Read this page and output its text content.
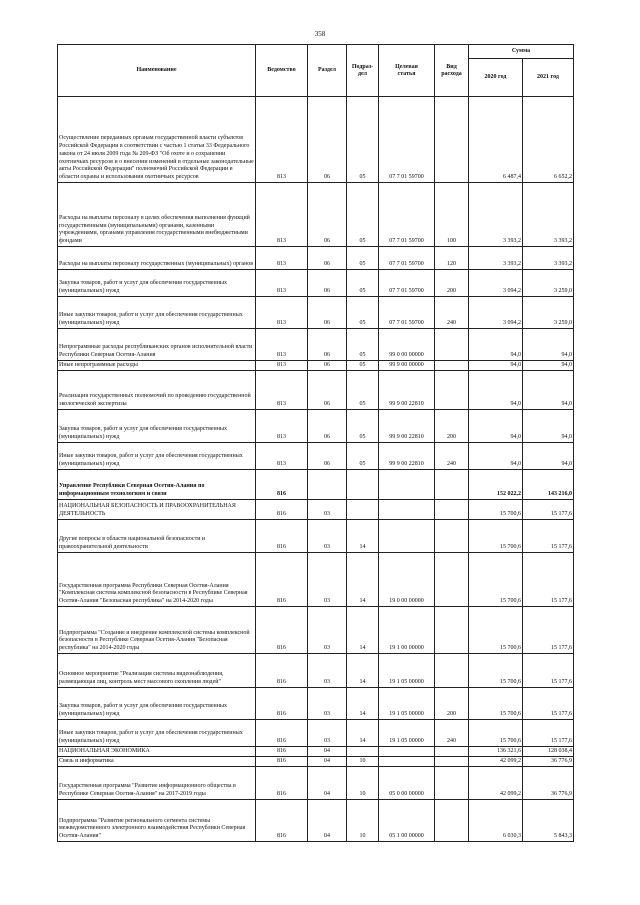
358
Наименование	Ведомство	Раздел	Подраз-
дел	Целевая
статья	Вид
расхода	Сумма	
						2020 год	2021 год
Осуществление переданных органам государственной власти субъектов Российской Федерации в соответствии с частью 1 статьи 33 Федерального закона от 24 июля 2009 года № 209-ФЗ "Об охоте и о сохранении охотничьих ресурсов и о внесении изменений в отдельные законодательные акты Российской Федерации" полномочий Российской Федерации в области охраны и использования охотничьих ресурсов	813	06	05	07 7 01 59700		6 487,4	6 652,2
Расходы на выплаты персоналу в целях обеспечения выполнения функций государственными (муниципальными) органами, казенными учреждениями, органами управления государственными внебюджетными фондами	813	06	05	07 7 01 59700	100	3 393,2	3 393,2
Расходы на выплаты персоналу государственных (муниципальных) органов	813	06	05	07 7 01 59700	120	3 393,2	3 393,2
Закупка товаров, работ и услуг для обеспечения государственных (муниципальных) нужд	813	06	05	07 7 01 59700	200	3 094,2	3 259,0
Иные закупки товаров, работ и услуг для обеспечения государственных (муниципальных) нужд	813	06	05	07 7 01 59700	240	3 094,2	3 259,0
Непрограммные расходы республиканских органов исполнительной власти Республики Северная Осетия-Алания	813	06	05	99 0 00 00000		94,0	94,0
Иные непрограммные расходы	813	06	05	99 9 00 00000		94,0	94,0
Реализация государственных полномочий по проведению государственной экологической экспертизы	813	06	05	99 9 00 22810		94,0	94,0
Закупка товаров, работ и услуг для обеспечения государственных (муниципальных) нужд	813	06	05	99 9 00 22810	200	94,0	94,0
Иные закупки товаров, работ и услуг для обеспечения государственных (муниципальных) нужд	813	06	05	99 9 00 22810	240	94,0	94,0
Управление Республики Северная Осетия-Алания по информационным технологиям и связи	816					152 022,2	143 216,0
НАЦИОНАЛЬНАЯ БЕЗОПАСНОСТЬ И ПРАВООХРАНИТЕЛЬНАЯ ДЕЯТЕЛЬНОСТЬ	816	03				15 700,6	15 177,6
Другие вопросы в области национальной безопасности и правоохранительной деятельности	816	03	14			15 700,6	15 177,6
Государственная программа Республики Северная Осетия-Алания "Комплексная система комплексной безопасности в Республике Северная Осетия-Алания "Безопасная республика" на 2014-2020 годы	816	03	14	19 0 00 00000		15 700,6	15 177,6
Подпрограмма "Создание и внедрение комплексной системы комплексной безопасности в Республике Северная Осетия-Алания "Безопасная республика" на 2014-2020 годы	816	03	14	19 1 00 00000		15 700,6	15 177,6
Основное мероприятие "Реализация системы видеонаблюдения, размещающая лиц, контроль мест массового скопления людей"	816	03	14	19 1 05 00000		15 700,6	15 177,6
Закупка товаров, работ и услуг для обеспечения государственных (муниципальных) нужд	816	03	14	19 1 05 00000	200	15 700,6	15 177,6
Иные закупки товаров, работ и услуг для обеспечения государственных (муниципальных) нужд	816	03	14	19 1 05 00000	240	15 700,6	15 177,6
НАЦИОНАЛЬНАЯ ЭКОНОМИКА	816	04				136 321,6	128 038,4
Связь и информатика	816	04	10			42 099,2	36 776,9
Государственная программа "Развитие информационного общества в Республике Северная Осетия-Алания" на 2017-2019 годы	816	04	10	05 0 00 00000		42 099,2	36 776,9
Подпрограмма "Развитие регионального сегмента системы межведомственного электронного взаимодействия Республики Северная Осетия-Алания"	816	04	10	05 1 00 00000		6 030,3	5 843,3
